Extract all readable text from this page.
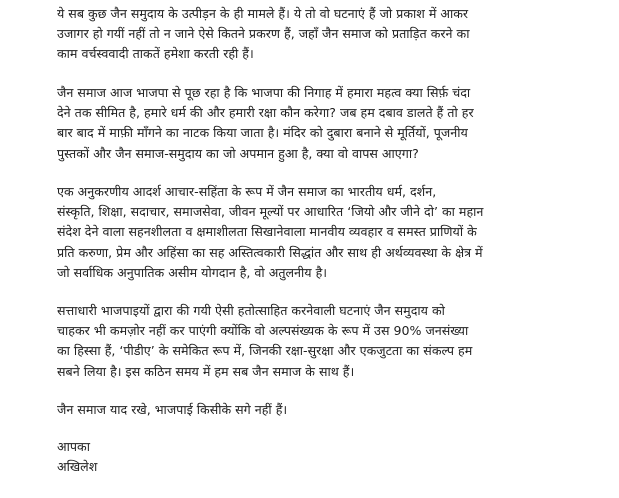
ये सब कुछ जैन समुदाय के उत्पीड़न के ही मामले हैं। ये तो वो घटनाएं हैं जो प्रकाश में आकर
उजागर हो गयीं नहीं तो न जाने ऐसे कितने प्रकरण हैं, जहाँ जैन समाज को प्रताड़ित करने का
काम वर्चस्ववादी ताकतें हमेशा करती रही हैं।

जैन समाज आज भाजपा से पूछ रहा है कि भाजपा की निगाह में हमारा महत्व क्या सिर्फ़ चंदा
देने तक सीमित है, हमारे धर्म की और हमारी रक्षा कौन करेगा? जब हम दबाव डालते हैं तो हर
बार बाद में माफ़ी माँगने का नाटक किया जाता है। मंदिर को दुबारा बनाने से मूर्तियों, पूजनीय
पुस्तकों और जैन समाज-समुदाय का जो अपमान हुआ है, क्या वो वापस आएगा?

एक अनुकरणीय आदर्श आचार-सहिंता के रूप में जैन समाज का भारतीय धर्म, दर्शन,
संस्कृति, शिक्षा, सदाचार, समाजसेवा, जीवन मूल्यों पर आधारित ‘जियो और जीने दो’ का महान
संदेश देने वाला सहनशीलता व क्षमाशीलता सिखानेवाला मानवीय व्यवहार व समस्त प्राणियों के
प्रति करुणा, प्रेम और अहिंसा का सह अस्तित्वकारी सिद्धांत और साथ ही अर्थव्यवस्था के क्षेत्र में
जो सर्वाधिक अनुपातिक असीम योगदान है, वो अतुलनीय है।

सत्ताधारी भाजपाइयों द्वारा की गयी ऐसी हतोत्साहित करनेवाली घटनाएं जैन समुदाय को
चाहकर भी कमज़ोर नहीं कर पाएंगी क्योंकि वो अल्पसंख्यक के रूप में उस 90% जनसंख्या
का हिस्सा हैं, ‘पीडीए’ के समेकित रूप में, जिनकी रक्षा-सुरक्षा और एकजुटता का संकल्प हम
सबने लिया है। इस कठिन समय में हम सब जैन समाज के साथ हैं।

जैन समाज याद रखे, भाजपाई किसीके सगे नहीं हैं।

आपका
अखिलेश
